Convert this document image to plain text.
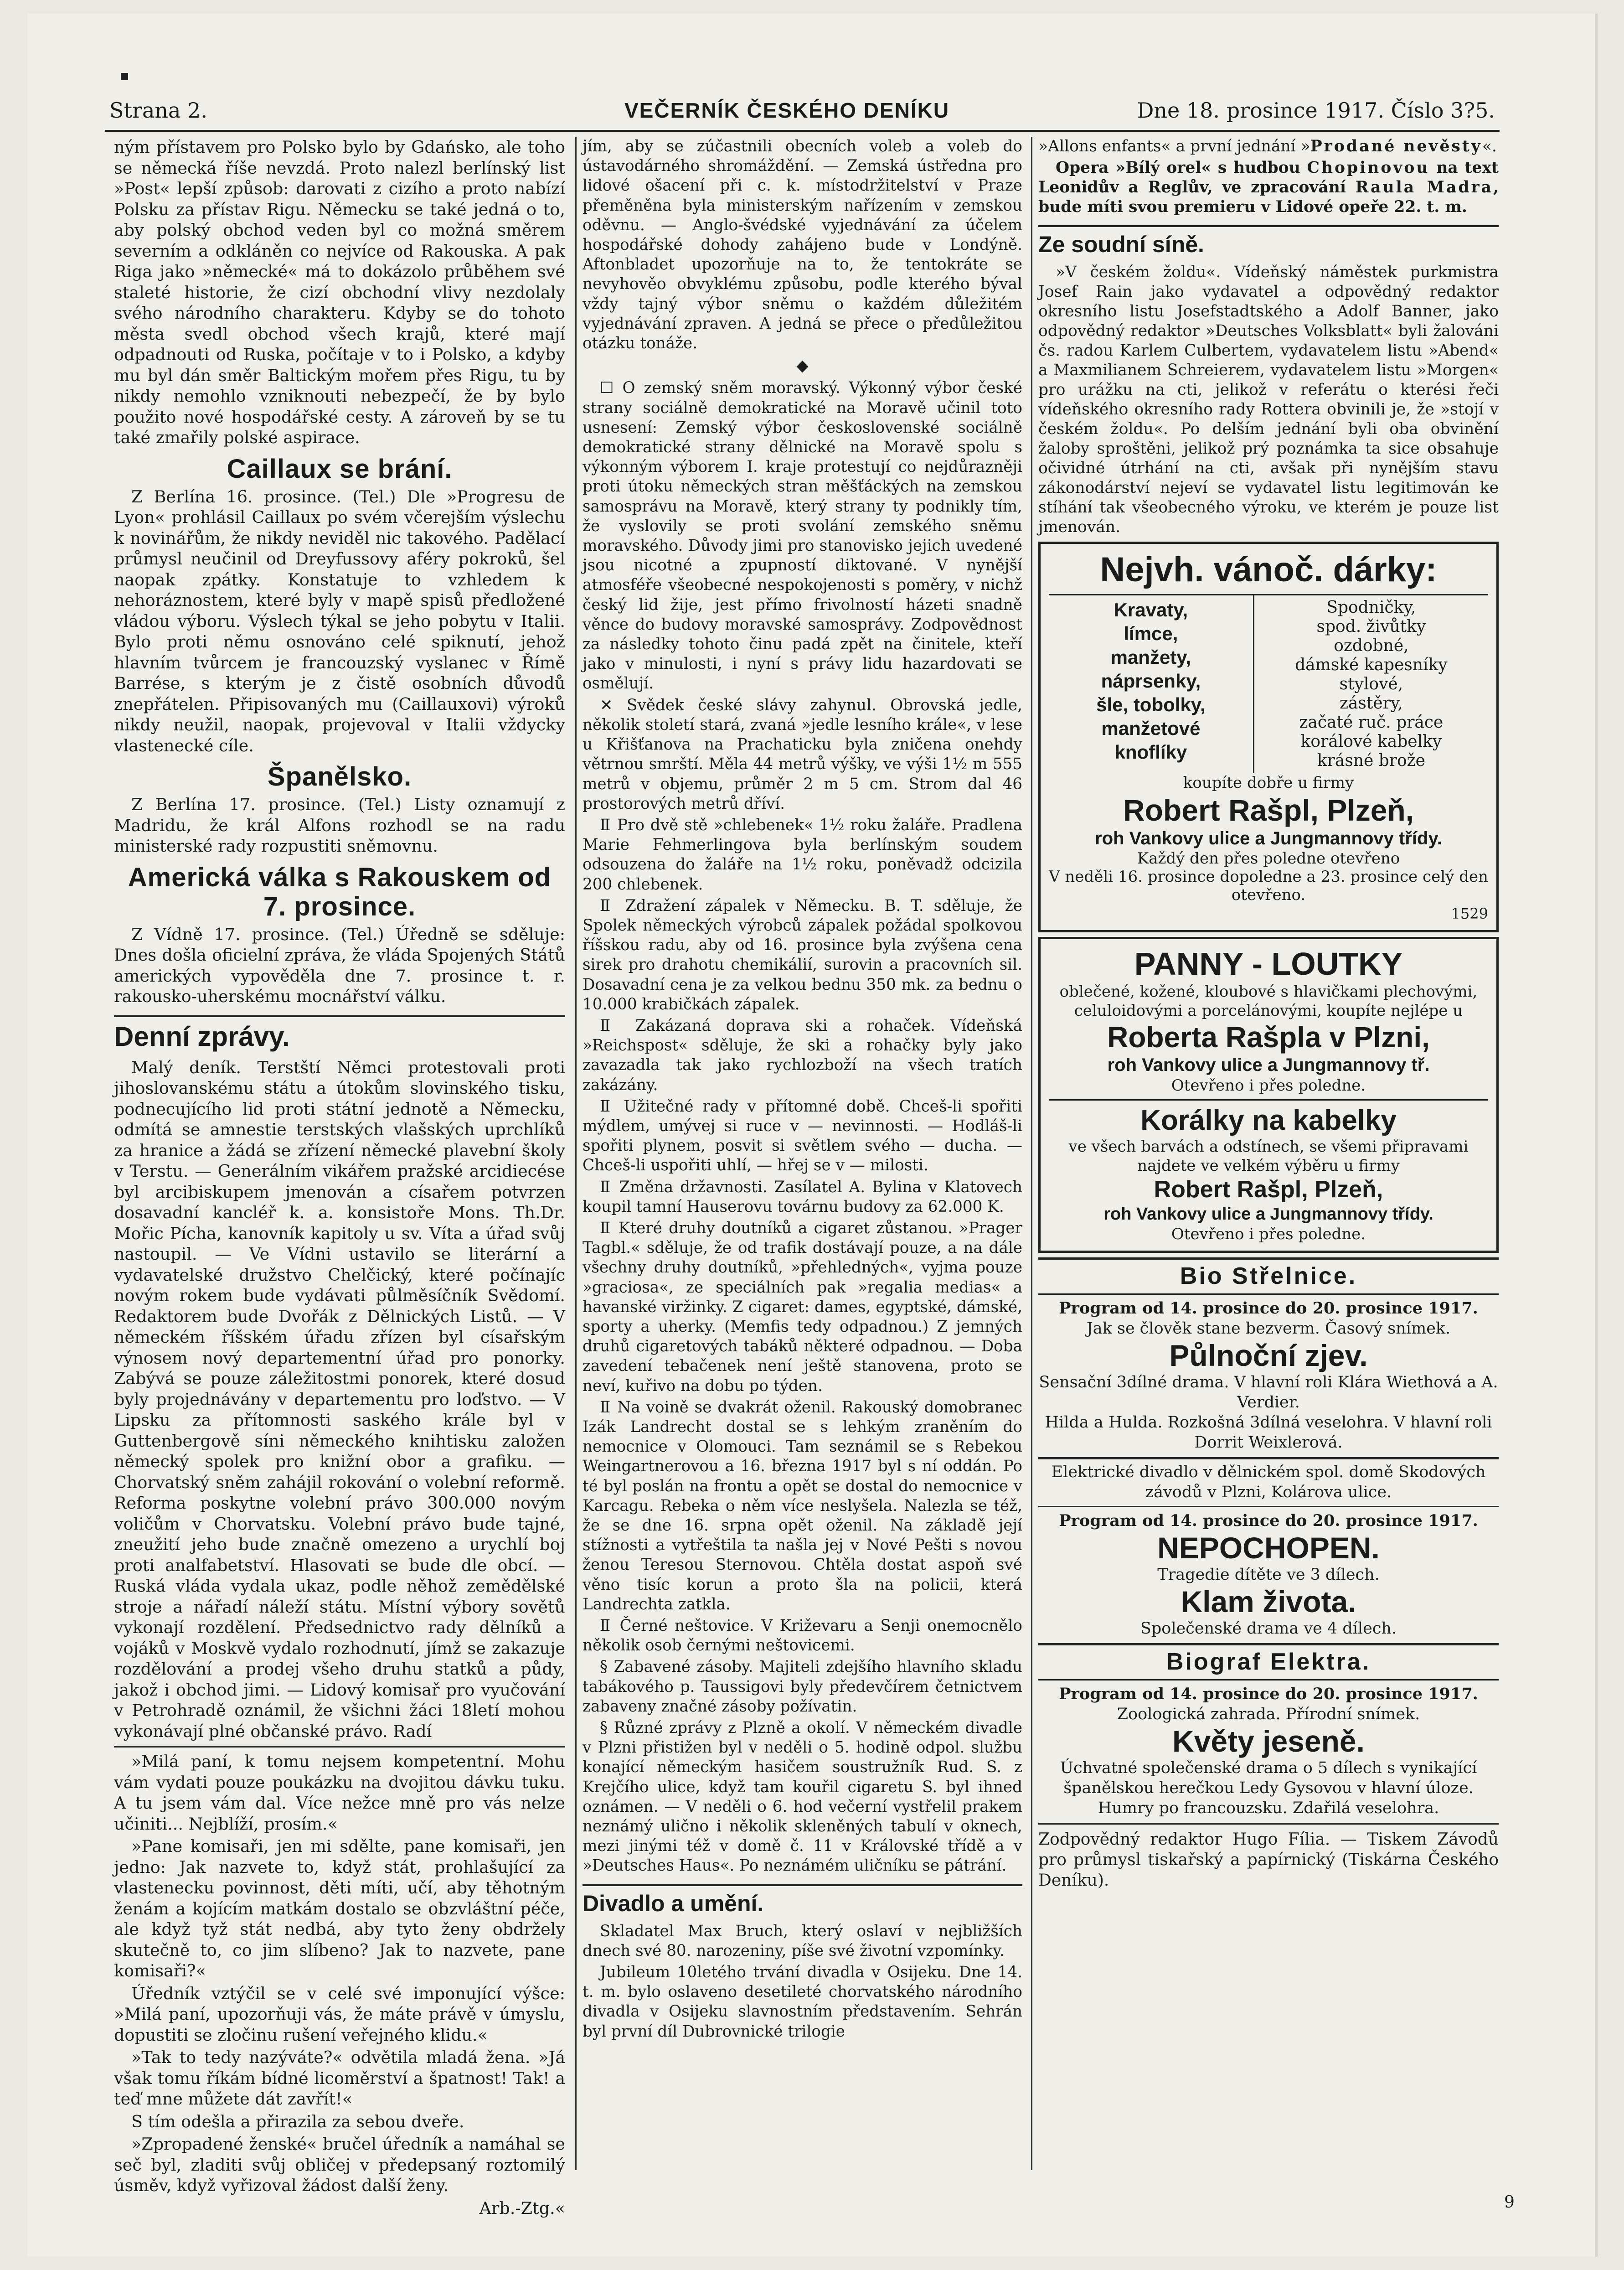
Strana 2.	VEČERNÍK ČESKÉHO DENÍKU	Dne 18. prosince 1917. Číslo 3?5.

ným přístavem pro Polsko bylo by Gdańsko, ale toho se německá říše nevzdá. Proto nalezl berlínský list »Post« lepší způsob: darovati z cizího a proto nabízí Polsku za přístav Rigu. Německu se také jedná o to, aby polský obchod veden byl co možná směrem severním a odkláněn co nejvíce od Rakouska. A pak Riga jako »německé« má to dokázolo průběhem své staleté historie, že cizí obchodní vlivy nezdolaly svého národního charakteru. Kdyby se do tohoto města svedl obchod všech krajů, které mají odpadnouti od Ruska, počítaje v to i Polsko, a kdyby mu byl dán směr Baltickým mořem přes Rigu, tu by nikdy nemohlo vzniknouti nebezpečí, že by bylo použito nové hospodářské cesty. A zároveň by se tu také zmařily polské aspirace.

Caillaux se brání.

Z Berlína 16. prosince. (Tel.) Dle »Progresu de Lyon« prohlásil Caillaux po svém včerejším výslechu k novinářům, že nikdy neviděl nic takového. Padělací průmysl neučinil od Dreyfussovy aféry pokroků, šel naopak zpátky. Konstatuje to vzhledem k nehoráznostem, které byly v mapě spisů předložené vládou výboru. Výslech týkal se jeho pobytu v Italii. Bylo proti němu osnováno celé spiknutí, jehož hlavním tvůrcem je francouzský vyslanec v Římě Barrése, s kterým je z čistě osobních důvodů znepřátelen. Připisovaných mu (Caillauxovi) výroků nikdy neužil, naopak, projevoval v Italii vždycky vlastenecké cíle.

Španělsko.

Z Berlína 17. prosince. (Tel.) Listy oznamují z Madridu, že král Alfons rozhodl se na radu ministerské rady rozpustiti sněmovnu.

Americká válka s Rakouskem od 7. prosince.

Z Vídně 17. prosince. (Tel.) Úředně se sděluje: Dnes došla oficielní zpráva, že vláda Spojených Států amerických vypověděla dne 7. prosince t. r. rakousko-uherskému mocnářství válku.

Denní zprávy.

Malý deník. Terstští Němci protestovali proti jihoslovanskému státu a útokům slovinského tisku, podnecujícího lid proti státní jednotě a Německu, odmítá se amnestie terstských vlašských uprchlíků za hranice a žádá se zřízení německé plavební školy v Terstu. — Generálním vikářem pražské arcidiecése byl arcibiskupem jmenován a císařem potvrzen dosavadní kancléř k. a. konsistoře Mons. Th.Dr. Mořic Pícha, kanovník kapitoly u sv. Víta a úřad svůj nastoupil. — Ve Vídni ustavilo se literární a vydavatelské družstvo Chelčický, které počínajíc novým rokem bude vydávati půlměsíčník Svědomí. Redaktorem bude Dvořák z Dělnických Listů. — V německém říšském úřadu zřízen byl císařským výnosem nový departementní úřad pro ponorky. Zabývá se pouze záležitostmi ponorek, které dosud byly projednávány v departementu pro loďstvo. — V Lipsku za přítomnosti saského krále byl v Guttenbergově síni německého knihtisku založen německý spolek pro knižní obor a grafiku. — Chorvatský sněm zahájil rokování o volební reformě. Reforma poskytne volební právo 300.000 novým voličům v Chorvatsku. Volební právo bude tajné, zneužití jeho bude značně omezeno a urychlí boj proti analfabetství. Hlasovati se bude dle obcí. — Ruská vláda vydala ukaz, podle něhož zemědělské stroje a nářadí náleží státu. Místní výbory sovětů vykonají rozdělení. Předsednictvo rady dělníků a vojáků v Moskvě vydalo rozhodnutí, jímž se zakazuje rozdělování a prodej všeho druhu statků a půdy, jakož i obchod jimi. — Lidový komisař pro vyučování v Petrohradě oznámil, že všichni žáci 18letí mohou vykonávají plné občanské právo. Radí

»Milá paní, k tomu nejsem kompetentní. Mohu vám vydati pouze poukázku na dvojitou dávku tuku. A tu jsem vám dal. Více nežce mně pro vás nelze učiniti... Nejblíží, prosím.«

»Pane komisaři, jen mi sdělte, pane komisaři, jen jedno: Jak nazvete to, když stát, prohlašující za vlastenecku povinnost, děti míti, učí, aby těhotným ženám a kojícím matkám dostalo se obzvláštní péče, ale když tyž stát nedbá, aby tyto ženy obdržely skutečně to, co jim slíbeno? Jak to nazvete, pane komisaři?«

Úředník vztýčil se v celé své imponující výšce: »Milá paní, upozorňuji vás, že máte právě v úmyslu, dopustiti se zločinu rušení veřejného klidu.«

»Tak to tedy nazýváte?« odvětila mladá žena. »Já však tomu říkám bídné licoměrství a špatnost! Tak! a teď mne můžete dát zavřít!«

S tím odešla a přirazila za sebou dveře.

»Zpropadené ženské« bručel úředník a namáhal se seč byl, zladiti svůj obličej v předepsaný roztomilý úsměv, když vyřizoval žádost další ženy.

Arb.-Ztg.«

jím, aby se zúčastnili obecních voleb a voleb do ústavodárného shromáždění. — Zemská ústředna pro lidové ošacení při c. k. místodržitelství v Praze přeměněna byla ministerským nařízením v zemskou oděvnu. — Anglo-švédské vyjednávání za účelem hospodářské dohody zahájeno bude v Londýně. Aftonbladet upozorňuje na to, že tentokráte se nevyhověo obvyklému způsobu, podle kterého býval vždy tajný výbor sněmu o každém důležitém vyjednávání zpraven. A jedná se přece o předůležitou otázku tonáže.

◆

☐ O zemský sněm moravský. Výkonný výbor české strany sociálně demokratické na Moravě učinil toto usnesení: Zemský výbor československé sociálně demokratické strany dělnické na Moravě spolu s výkonným výborem I. kraje protestují co nejdůrazněji proti útoku německých stran měšťáckých na zemskou samosprávu na Moravě, který strany ty podnikly tím, že vyslovily se proti svolání zemského sněmu moravského. Důvody jimi pro stanovisko jejich uvedené jsou nicotné a zpupností diktované. V nynější atmosféře všeobecné nespokojenosti s poměry, v nichž český lid žije, jest přímo frivolností házeti snadně věnce do budovy moravské samosprávy. Zodpovědnost za následky tohoto činu padá zpět na činitele, kteří jako v minulosti, i nyní s právy lidu hazardovati se osmělují.

✕ Svědek české slávy zahynul. Obrovská jedle, několik století stará, zvaná »jedle lesního krále«, v lese u Křišťanova na Prachaticku byla zničena onehdy větrnou smrští. Měla 44 metrů výšky, ve výši 1½ m 555 metrů v objemu, průměr 2 m 5 cm. Strom dal 46 prostorových metrů dříví.

Ⅱ Pro dvě stě »chlebenek« 1½ roku žaláře. Pradlena Marie Fehmerlingova byla berlínským soudem odsouzena do žaláře na 1½ roku, poněvadž odcizila 200 chlebenek.

Ⅱ Zdražení zápalek v Německu. B. T. sděluje, že Spolek německých výrobců zápalek požádal spolkovou říšskou radu, aby od 16. prosince byla zvýšena cena sirek pro drahotu chemikálií, surovin a pracovních sil. Dosavadní cena je za velkou bednu 350 mk. za bednu o 10.000 krabičkách zápalek.

Ⅱ Zakázaná doprava ski a rohaček. Vídeňská »Reichspost« sděluje, že ski a rohačky byly jako zavazadla tak jako rychlozboží na všech tratích zakázány.

Ⅱ Užitečné rady v přítomné době. Chceš-li spořiti mýdlem, umývej si ruce v — nevinnosti. — Hodláš-li spořiti plynem, posvit si světlem svého — ducha. — Chceš-li uspořiti uhlí, — hřej se v — milosti.

Ⅱ Změna državnosti. Zasílatel A. Bylina v Klatovech koupil tamní Hauserovu továrnu budovy za 62.000 K.

Ⅱ Které druhy doutníků a cigaret zůstanou. »Prager Tagbl.« sděluje, že od trafik dostávají pouze, a na dále všechny druhy doutníků, »přehledných«, vyjma pouze »graciosa«, ze speciálních pak »regalia medias« a havanské viržinky. Z cigaret: dames, egyptské, dámské, sporty a uherky. (Memfis tedy odpadnou.) Z jemných druhů cigaretových tabáků některé odpadnou. — Doba zavedení tebačenek není ještě stanovena, proto se neví, kuřivo na dobu po týden.

Ⅱ Na voině se dvakrát oženil. Rakouský domobranec Izák Landrecht dostal se s lehkým zraněním do nemocnice v Olomouci. Tam seznámil se s Rebekou Weingartnerovou a 16. března 1917 byl s ní oddán. Po té byl poslán na frontu a opět se dostal do nemocnice v Karcagu. Rebeka o něm více neslyšela. Nalezla se též, že se dne 16. srpna opět oženil. Na základě její stížnosti a vytřeštila ta našla jej v Nové Pešti s novou ženou Teresou Sternovou. Chtěla dostat aspoň své věno tisíc korun a proto šla na policii, která Landrechta zatkla.

Ⅱ Černé neštovice. V Križevaru a Senji onemocnělo několik osob černými neštovicemi.

§ Zabavené zásoby. Majiteli zdejšího hlavního skladu tabákového p. Taussigovi byly předevčírem četnictvem zabaveny značné zásoby požívatin.

§ Různé zprávy z Plzně a okolí. V německém divadle v Plzni přistižen byl v neděli o 5. hodině odpol. službu konající německým hasičem soustružník Rud. S. z Krejčího ulice, když tam kouřil cigaretu S. byl ihned oznámen. — V neděli o 6. hod večerní vystřelil prakem neznámý ulično i několik skleněných tabulí v oknech, mezi jinými též v domě č. 11 v Královské třídě a v »Deutsches Haus«. Po neznámém uličníku se pátrání.

Divadlo a umění.

Skladatel Max Bruch, který oslaví v nejbližších dnech své 80. narozeniny, píše své životní vzpomínky.

Jubileum 10letého trvání divadla v Osijeku. Dne 14. t. m. bylo oslaveno desetileté chorvatského národního divadla v Osijeku slavnostním představením. Sehrán byl první díl Dubrovnické trilogie

»Allons enfants« a první jednání »Prodané nevěsty«.

Opera »Bílý orel« s hudbou Chopinovou na text Leonidův a Reglův, ve zpracování Raula Madra, bude míti svou premieru v Lidové opeře 22. t. m.

Ze soudní síně.

»V českém žoldu«. Vídeňský náměstek purkmistra Josef Rain jako vydavatel a odpovědný redaktor okresního listu Josefstadtského a Adolf Banner, jako odpovědný redaktor »Deutsches Volksblatt« byli žalováni čs. radou Karlem Culbertem, vydavatelem listu »Abend« a Maxmilianem Schreierem, vydavatelem listu »Morgen« pro urážku na cti, jelikož v referátu o kterési řeči vídeňského okresního rady Rottera obvinili je, že »stojí v českém žoldu«. Po delším jednání byli oba obvinění žaloby sproštěni, jelikož prý poznámka ta sice obsahuje očividné útrhání na cti, avšak při nynějším stavu zákonodárství nejeví se vydavatel listu legitimován ke stíhání tak všeobecného výroku, ve kterém je pouze list jmenován.

Nejvh. vánoč. dárky:
Kravaty,
límce,
manžety,
náprsenky,
šle, tobolky,
manžetové
knoflíky
Spodničky,
spod. živůtky
ozdobné,
dámské kapesníky
stylové,
zástěry,
začaté ruč. práce
korálové kabelky
krásné brože
koupíte dobře u firmy
Robert Rašpl, Plzeň,
roh Vankovy ulice a Jungmannovy třídy.
Každý den přes poledne otevřeno
V neděli 16. prosince dopoledne a 23. prosince celý den otevřeno.
1529
PANNY - LOUTKY
oblečené, kožené, kloubové s hlavičkami plechovými, celuloidovými a porcelánovými, koupíte nejlépe u
Roberta Rašpla v Plzni,
roh Vankovy ulice a Jungmannovy tř.
Otevřeno i přes poledne.
Korálky na kabelky
ve všech barvách a odstínech, se všemi připravami najdete ve velkém výběru u firmy
Robert Rašpl, Plzeň,
roh Vankovy ulice a Jungmannovy třídy.
Otevřeno i přes poledne.
Bio Střelnice.
Program od 14. prosince do 20. prosince 1917.
Jak se člověk stane bezverm. Časový snímek.
Půlnoční zjev.
Sensační 3dílné drama. V hlavní roli Klára Wiethová a A. Verdier.
Hilda a Hulda. Rozkošná 3dílná veselohra. V hlavní roli Dorrit Weixlerová.
Elektrické divadlo v dělnickém spol. domě Skodových závodů v Plzni, Kolárova ulice.
Program od 14. prosince do 20. prosince 1917.
NEPOCHOPEN.
Tragedie dítěte ve 3 dílech.
Klam života.
Společenské drama ve 4 dílech.
Biograf Elektra.
Program od 14. prosince do 20. prosince 1917.
Zoologická zahrada. Přírodní snímek.
Květy jeseně.
Úchvatné společenské drama o 5 dílech s vynikající španělskou herečkou Ledy Gysovou v hlavní úloze.
Humry po francouzsku. Zdařilá veselohra.
Zodpovědný redaktor Hugo Fília. — Tiskem Závodů pro průmysl tiskařský a papírnický (Tiskárna Českého Deníku).
9
